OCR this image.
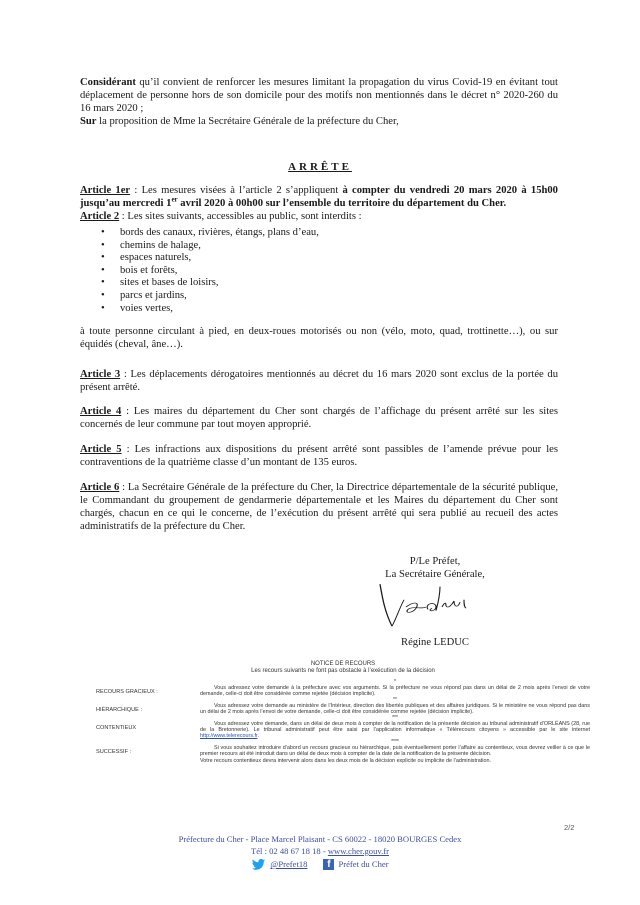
Considérant qu’il convient de renforcer les mesures limitant la propagation du virus Covid-19 en évitant tout déplacement de personne hors de son domicile pour des motifs non mentionnés dans le décret n° 2020-260 du 16 mars 2020 ;
Sur la proposition de Mme la Secrétaire Générale de la préfecture du Cher,
ARRÊTE
Article 1er : Les mesures visées à l’article 2 s’appliquent à compter du vendredi 20 mars 2020 à 15h00 jusqu’au mercredi 1er avril 2020 à 00h00 sur l’ensemble du territoire du département du Cher.
Article 2 : Les sites suivants, accessibles au public, sont interdits :
• bords des canaux, rivières, étangs, plans d’eau,
• chemins de halage,
• espaces naturels,
• bois et forêts,
• sites et bases de loisirs,
• parcs et jardins,
• voies vertes,
à toute personne circulant à pied, en deux-roues motorisés ou non (vélo, moto, quad, trottinette…), ou sur équidés (cheval, âne…).
Article 3 : Les déplacements dérogatoires mentionnés au décret du 16 mars 2020 sont exclus de la portée du présent arrêté.
Article 4 : Les maires du département du Cher sont chargés de l’affichage du présent arrêté sur les sites concernés de leur commune par tout moyen approprié.
Article 5 : Les infractions aux dispositions du présent arrêté sont passibles de l’amende prévue pour les contraventions de la quatrième classe d’un montant de 135 euros.
Article 6 : La Secrétaire Générale de la préfecture du Cher, la Directrice départementale de la sécurité publique, le Commandant du groupement de gendarmerie départementale et les Maires du département du Cher sont chargés, chacun en ce qui le concerne, de l’exécution du présent arrêté qui sera publié au recueil des actes administratifs de la préfecture du Cher.
P/Le Préfet,
La Secrétaire Générale,
Régine LEDUC
NOTICE DE RECOURS
Les recours suivants ne font pas obstacle à l’exécution de la décision
*
RECOURS GRACIEUX :
Vous adressez votre demande à la préfecture avec vos arguments. Si la préfecture ne vous répond pas dans un délai de 2 mois après l’envoi de votre demande, celle-ci doit être considérée comme rejetée (décision implicite).
**
HIÉRARCHIQUE :
Vous adressez votre demande au ministère de l’Intérieur, direction des libertés publiques et des affaires juridiques. Si le ministère ne vous répond pas dans un délai de 2 mois après l’envoi de votre demande, celle-ci doit être considérée comme rejetée (décision implicite).
***
CONTENTIEUX
Vous adressez votre demande, dans un délai de deux mois à compter de la notification de la présente décision au tribunal administratif d’ORLÉANS (28, rue de la Bretonnerie). Le tribunal administratif peut être saisi par l’application informatique « Télérecours citoyens » accessible par le site internet http://www.telerecours.fr.
****
SUCCESSIF :
Si vous souhaitez introduire d’abord un recours gracieux ou hiérarchique, puis éventuellement porter l’affaire au contentieux, vous devrez veiller à ce que le premier recours ait été introduit dans un délai de deux mois à compter de la date de la notification de la présente décision.
Votre recours contentieux devra intervenir alors dans les deux mois de la décision explicite ou implicite de l’administration.
2/2
Préfecture du Cher - Place Marcel Plaisant - CS 60022 - 18020 BOURGES Cedex
Tél : 02 48 67 18 18 - www.cher.gouv.fr
@Prefet18	f Préfet du Cher
